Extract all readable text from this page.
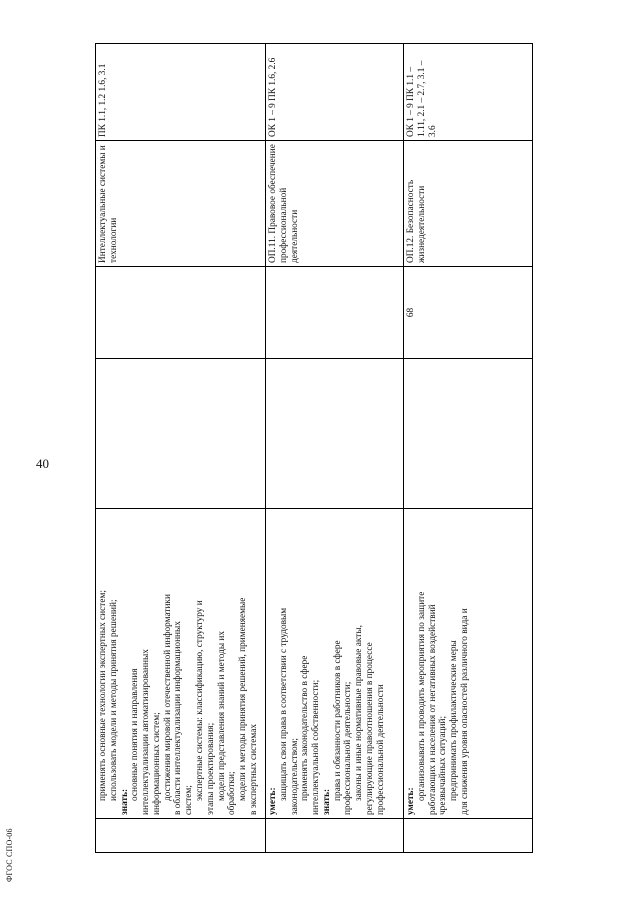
40
ФГОС СПО-06
применять основные технологии экспертных систем; использовать модели и методы принятия решений;
знать:
основные понятия и направления интеллектуализации автоматизированных информационных систем; достижения мировой и отечественной информатики в области интеллектуализации информационных систем; экспертные системы: классификацию, структуру и этапы проектирования; модели представления знаний и методы их обработки; модели и методы принятия решений, применяемые в экспертных системах
Интеллектуальные системы и технологии
ПК 1.1, 1.2 1.6, 3.1
уметь:
защищать свои права в соответствии с трудовым законодательством; применять законодательство в сфере интеллектуальной собственности; знать:
права и обязанности работников в сфере профессиональной деятельности; законы и иные нормативные правовые акты, регулирующие правоотношения в процессе профессиональной деятельности
ОП.11. Правовое обеспечение профессиональной деятельности
ОК 1 – 9 ПК 1.6, 2.6
уметь:
организовывать и проводить мероприятия по защите работающих и населения от негативных воздействий чрезвычайных ситуаций; предпринимать профилактические меры для снижения уровня опасностей различного вида и
68
ОП.12. Безопасность жизнедеятельности
ОК 1 – 9 ПК 1.1 – 1.11, 2.1 – 2.7, 3.1 – 3.6
